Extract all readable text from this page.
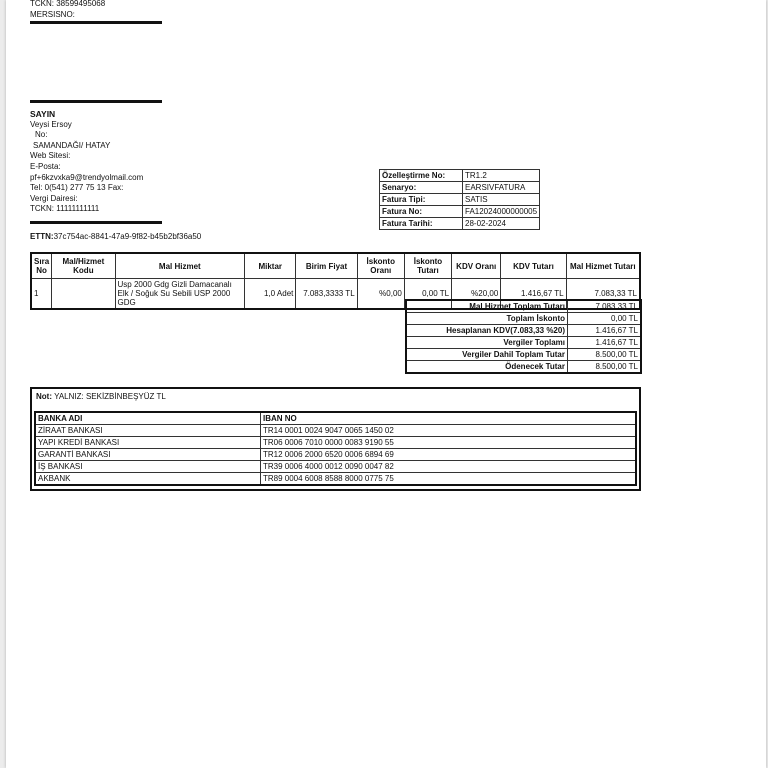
TCKN: 38599495068
MERSISNO:
SAYIN
Veysi Ersoy
No:
SAMANDAĞI/ HATAY
Web Sitesi:
E-Posta:
pf+6kzvxka9@trendyolmail.com
Tel: 0(541) 277 75 13 Fax:
Vergi Dairesi:
TCKN: 11111111111
ETTN:37c754ac-8841-47a9-9f82-b45b2bf36a50
Özelleştirme No:	TR1.2
Senaryo:	EARSIVFATURA
Fatura Tipi:	SATIS
Fatura No:	FA12024000000005
Fatura Tarihi:	28-02-2024
Sıra No	Mal/Hizmet Kodu	Mal Hizmet	Miktar	Birim Fiyat	İskonto Oranı	İskonto Tutarı	KDV Oranı	KDV Tutarı	Mal Hizmet Tutarı
1		Usp 2000 Gdg Gizli Damacanalı Elk / Soğuk Su Sebili USP 2000 GDG	1,0 Adet	7.083,3333 TL	%0,00	0,00 TL	%20,00	1.416,67 TL	7.083,33 TL
Mal Hizmet Toplam Tutarı	7.083,33 TL
Toplam İskonto	0,00 TL
Hesaplanan KDV(7.083,33 %20)	1.416,67 TL
Vergiler Toplamı	1.416,67 TL
Vergiler Dahil Toplam Tutar	8.500,00 TL
Ödenecek Tutar	8.500,00 TL
Not: YALNIZ: SEKİZBİNBEŞYÜZ TL
BANKA ADI	IBAN NO
ZİRAAT BANKASI	TR14 0001 0024 9047 0065 1450 02
YAPI KREDİ BANKASI	TR06 0006 7010 0000 0083 9190 55
GARANTİ BANKASI	TR12 0006 2000 6520 0006 6894 69
İŞ BANKASI	TR39 0006 4000 0012 0090 0047 82
AKBANK	TR89 0004 6008 8588 8000 0775 75
